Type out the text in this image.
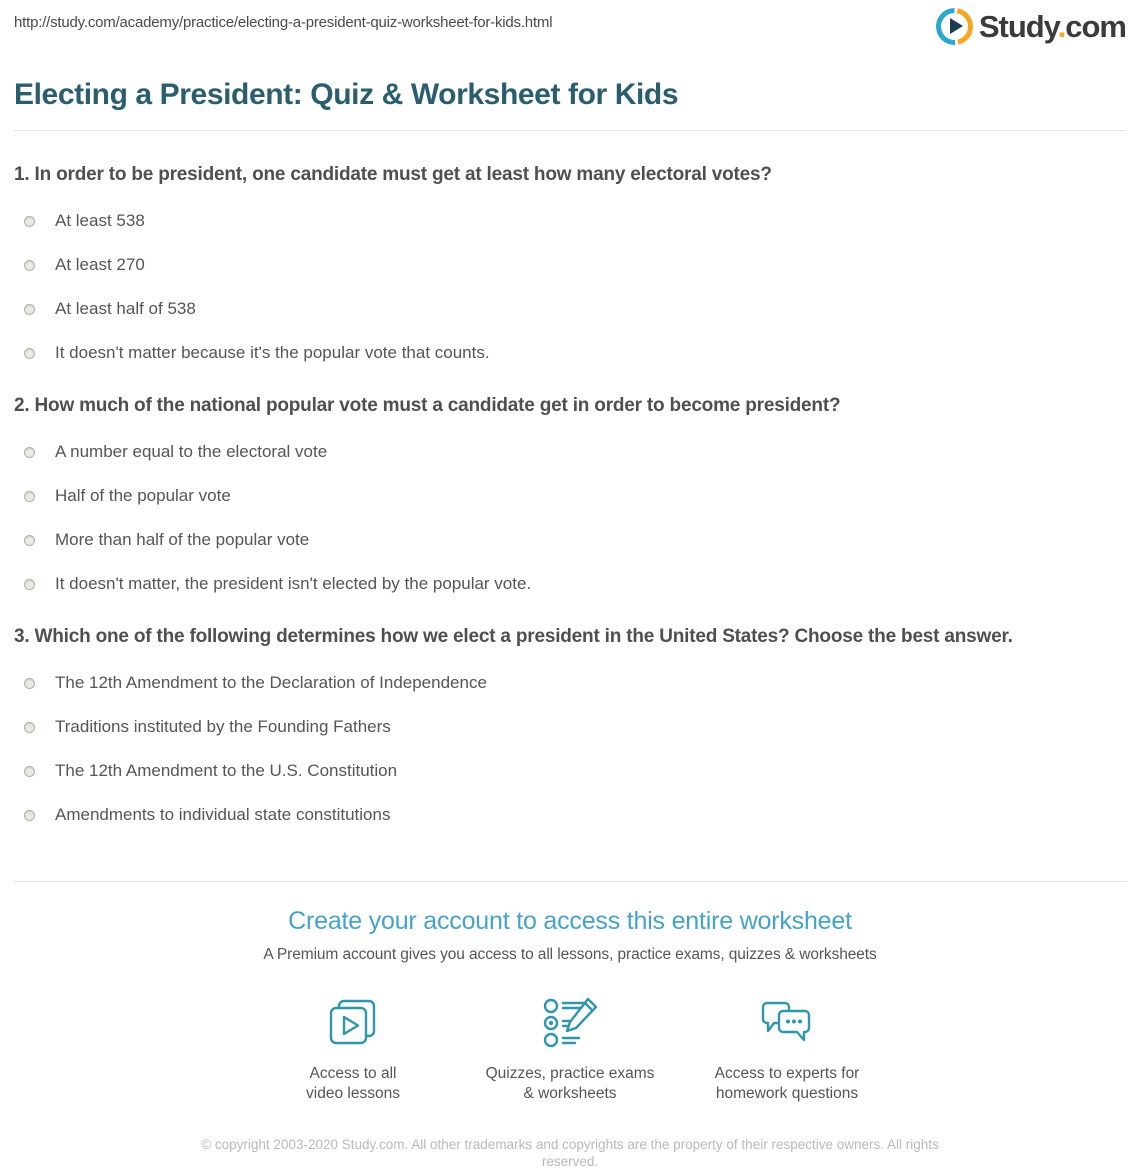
http://study.com/academy/practice/electing-a-president-quiz-worksheet-for-kids.html	Study.com
Electing a President: Quiz & Worksheet for Kids
1. In order to be president, one candidate must get at least how many electoral votes?
At least 538
At least 270
At least half of 538
It doesn't matter because it's the popular vote that counts.
2. How much of the national popular vote must a candidate get in order to become president?
A number equal to the electoral vote
Half of the popular vote
More than half of the popular vote
It doesn't matter, the president isn't elected by the popular vote.
3. Which one of the following determines how we elect a president in the United States? Choose the best answer.
The 12th Amendment to the Declaration of Independence
Traditions instituted by the Founding Fathers
The 12th Amendment to the U.S. Constitution
Amendments to individual state constitutions
Create your account to access this entire worksheet
A Premium account gives you access to all lessons, practice exams, quizzes & worksheets
Access to all
video lessons
Quizzes, practice exams
& worksheets
Access to experts for
homework questions
© copyright 2003-2020 Study.com. All other trademarks and copyrights are the property of their respective owners. All rights reserved.
